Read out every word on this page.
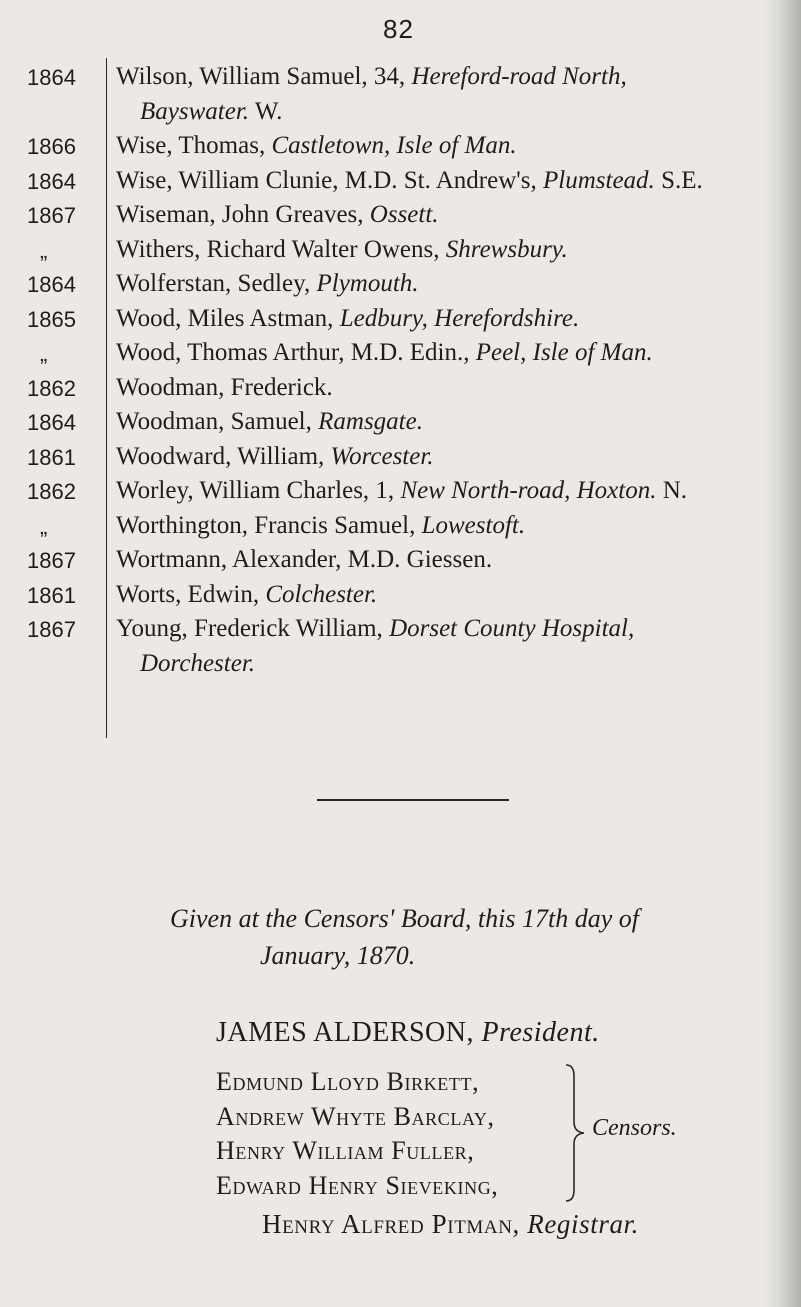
82
1864	Wilson, William Samuel, 34, Hereford-road North,
Bayswater. W.
1866	Wise, Thomas, Castletown, Isle of Man.
1864	Wise, William Clunie, M.D. St. Andrew's, Plumstead. S.E.
1867	Wiseman, John Greaves, Ossett.
„	Withers, Richard Walter Owens, Shrewsbury.
1864	Wolferstan, Sedley, Plymouth.
1865	Wood, Miles Astman, Ledbury, Herefordshire.
„	Wood, Thomas Arthur, M.D. Edin., Peel, Isle of Man.
1862	Woodman, Frederick.
1864	Woodman, Samuel, Ramsgate.
1861	Woodward, William, Worcester.
1862	Worley, William Charles, 1, New North-road, Hoxton. N.
„	Worthington, Francis Samuel, Lowestoft.
1867	Wortmann, Alexander, M.D. Giessen.
1861	Worts, Edwin, Colchester.
1867	Young, Frederick William, Dorset County Hospital,
Dorchester.
Given at the Censors' Board, this 17th day of
January, 1870.
JAMES ALDERSON, President.
Edmund Lloyd Birkett,
Andrew Whyte Barclay,
Henry William Fuller,
Edward Henry Sieveking,
Censors.
Henry Alfred Pitman, Registrar.
